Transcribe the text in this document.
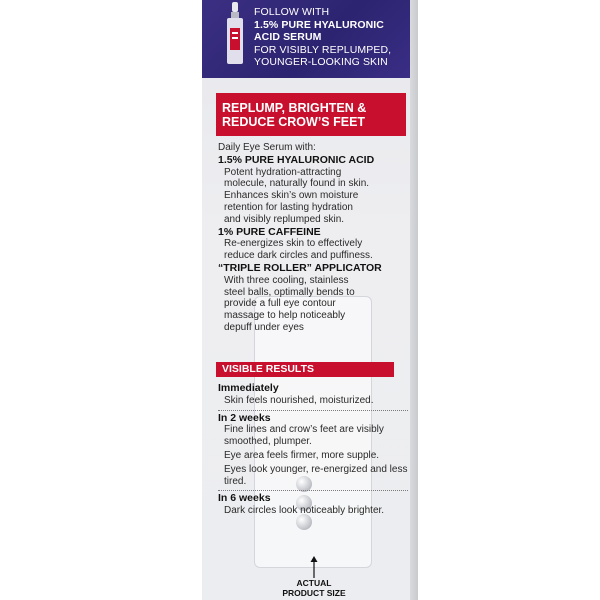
FOLLOW WITH
1.5% PURE HYALURONIC
ACID SERUM
FOR VISIBLY REPLUMPED,
YOUNGER-LOOKING SKIN
REPLUMP, BRIGHTEN &
REDUCE CROW’S FEET

Daily Eye Serum with:

1.5% PURE HYALURONIC ACID
Potent hydration-attracting
molecule, naturally found in skin.
Enhances skin’s own moisture
retention for lasting hydration
and visibly replumped skin.
1% PURE CAFFEINE
Re-energizes skin to effectively
reduce dark circles and puffiness.
“TRIPLE ROLLER” APPLICATOR
With three cooling, stainless
steel balls, optimally bends to
provide a full eye contour
massage to help noticeably
depuff under eyes
VISIBLE RESULTS
Immediately
Skin feels nourished, moisturized.
In 2 weeks
Fine lines and crow’s feet are visibly smoothed, plumper.
Eye area feels firmer, more supple.
Eyes look younger, re-energized and less tired.
In 6 weeks
Dark circles look noticeably brighter.
ACTUAL
PRODUCT SIZE
